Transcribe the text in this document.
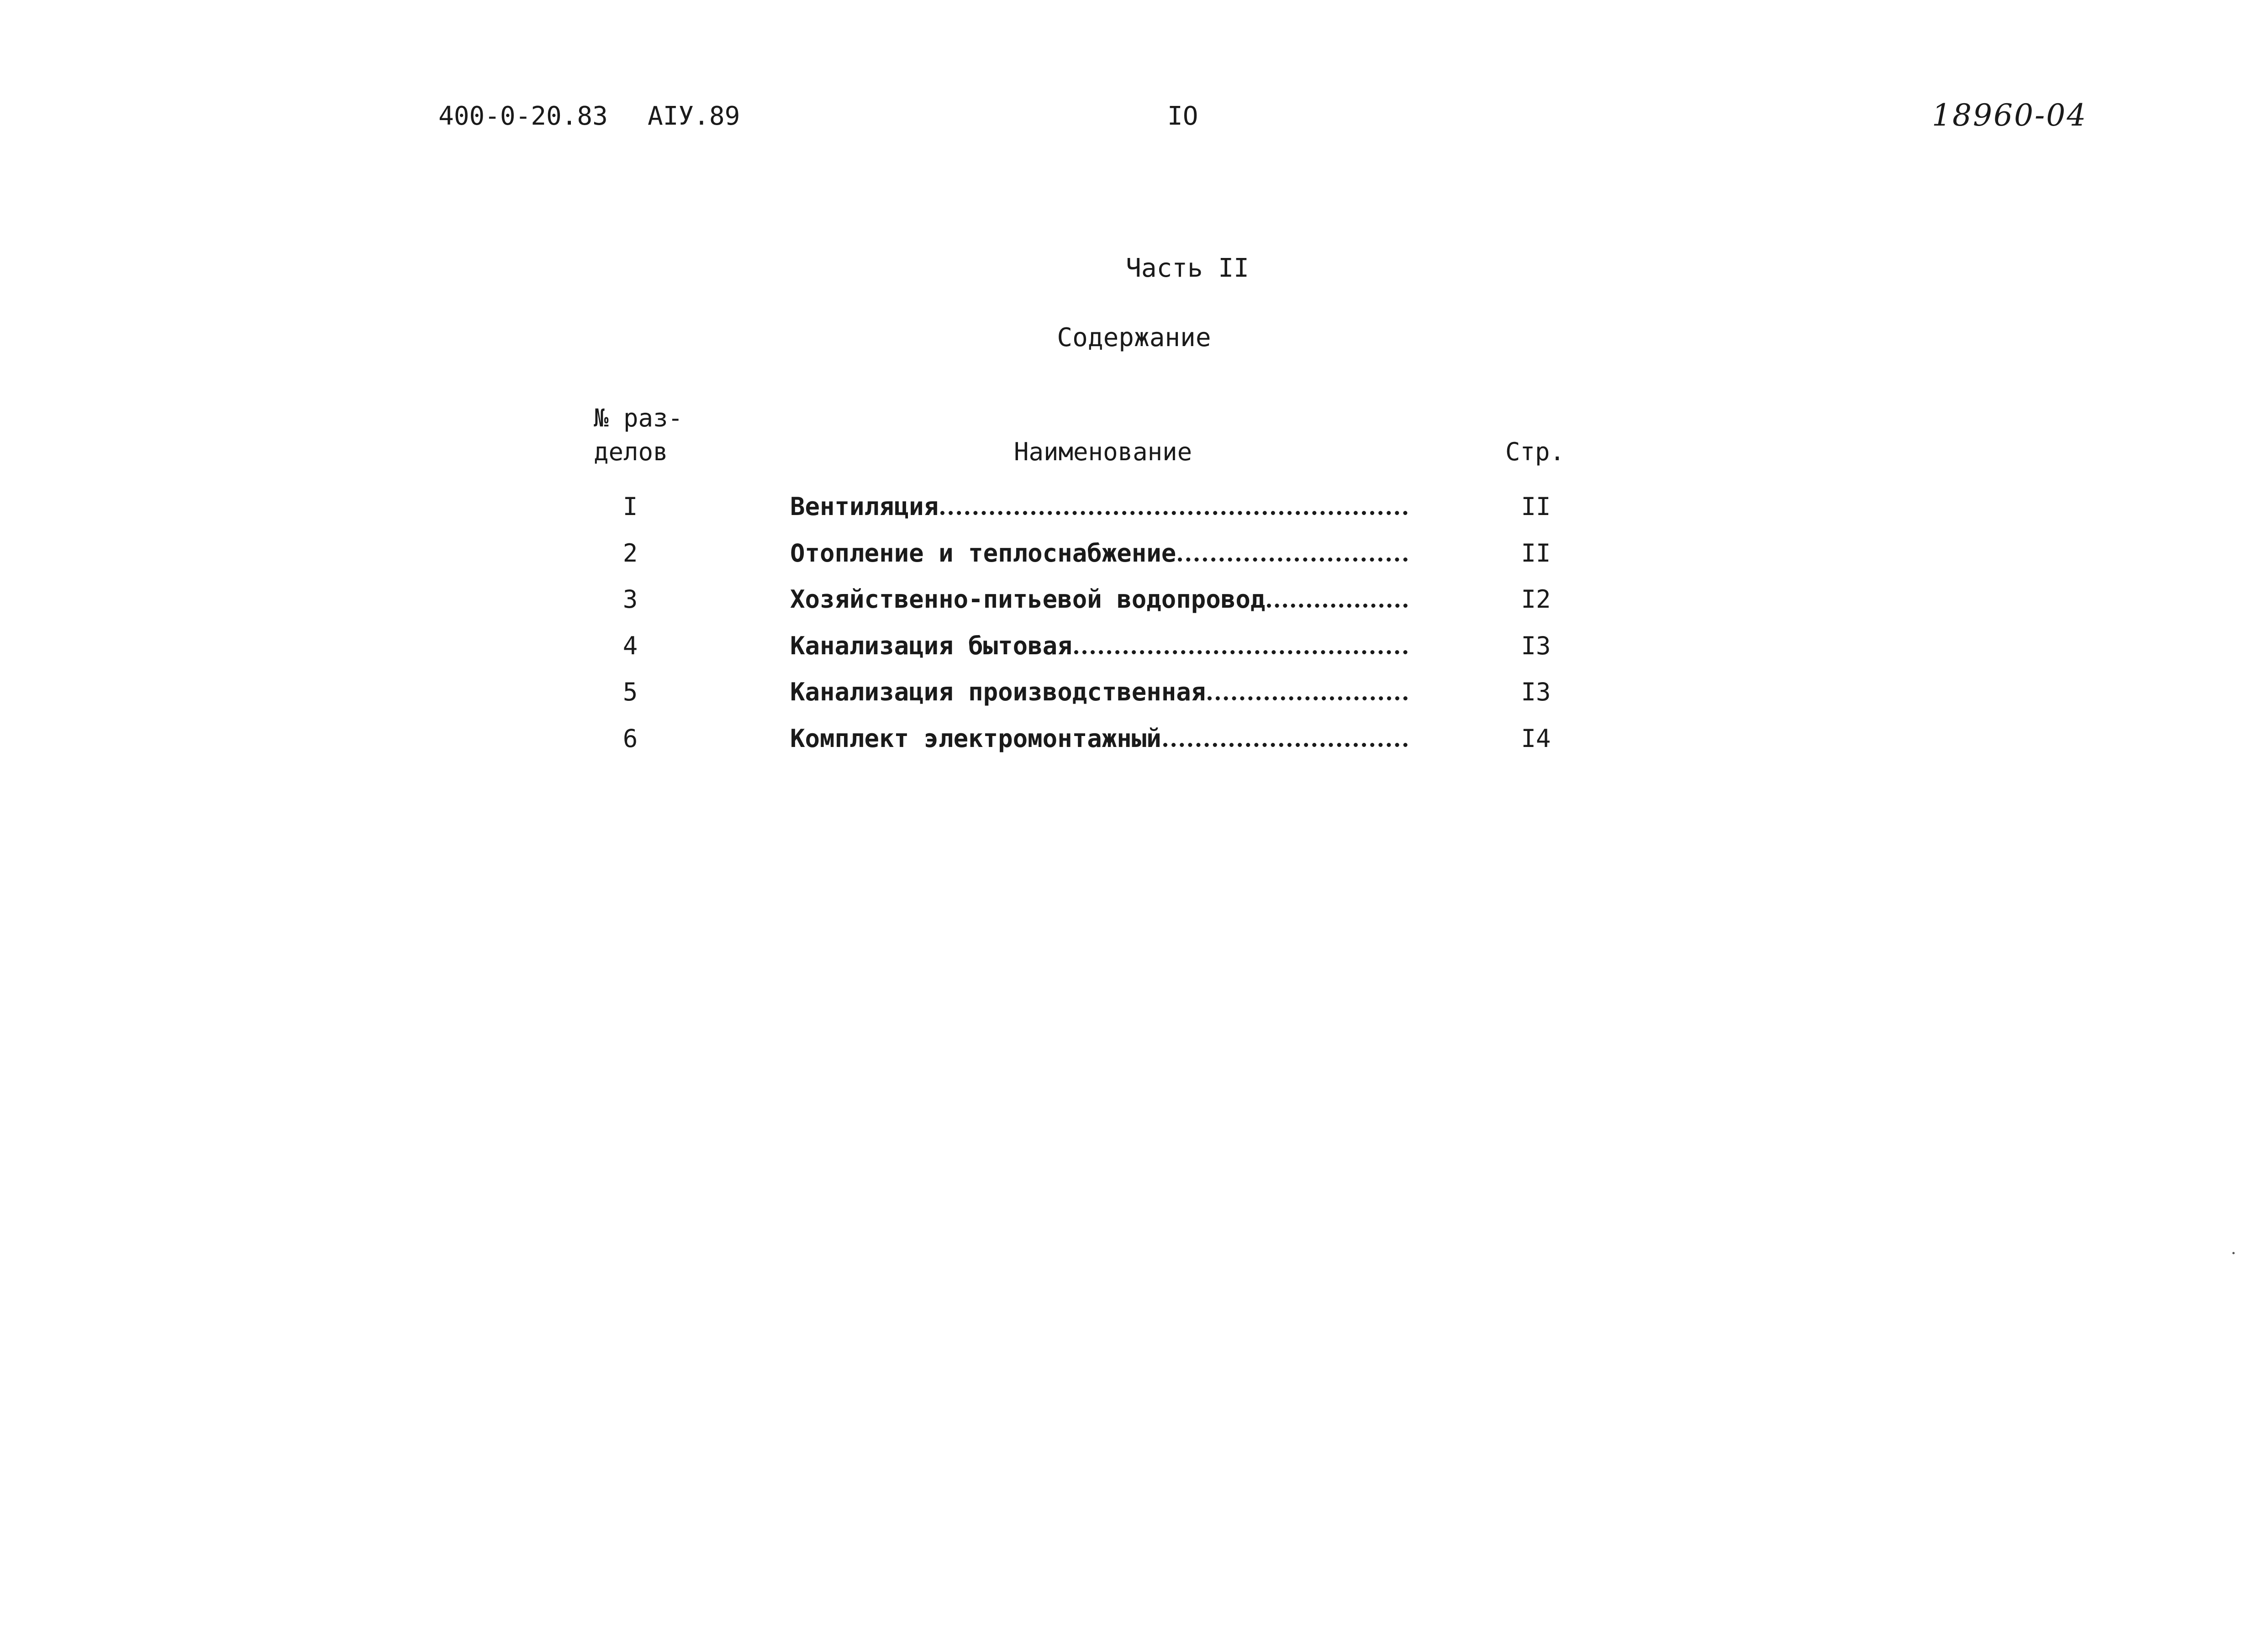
400-0-20.83 АIУ.89	IO	18960-04
Часть II
Содержание
№ раз-
делов	Наименование	Стр.
I	Вентиляция	II
2	Отопление и теплоснабжение	II
3	Хозяйственно-питьевой водопровод	I2
4	Канализация бытовая	I3
5	Канализация производственная	I3
6	Комплект электромонтажный	I4
